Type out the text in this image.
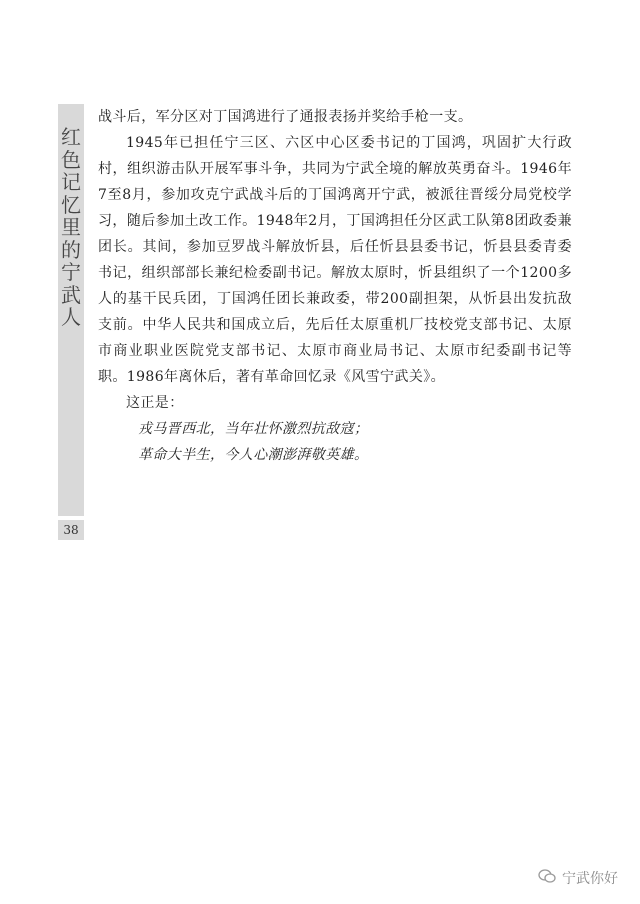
红
色
记
忆
里
的
宁
武
人
38

战斗后，军分区对丁国鸿进行了通报表扬并奖给手枪一支。

1945年已担任宁三区、六区中心区委书记的丁国鸿，巩固扩大行政村，组织游击队开展军事斗争，共同为宁武全境的解放英勇奋斗。1946年7至8月，参加攻克宁武战斗后的丁国鸿离开宁武，被派往晋绥分局党校学习，随后参加土改工作。1948年2月，丁国鸿担任分区武工队第8团政委兼团长。其间，参加豆罗战斗解放忻县，后任忻县县委书记，忻县县委青委书记，组织部部长兼纪检委副书记。解放太原时，忻县组织了一个1200多人的基干民兵团，丁国鸿任团长兼政委，带200副担架，从忻县出发抗敌支前。中华人民共和国成立后，先后任太原重机厂技校党支部书记、太原市商业职业医院党支部书记、太原市商业局书记、太原市纪委副书记等职。1986年离休后，著有革命回忆录《风雪宁武关》。

这正是：

戎马晋西北，当年壮怀激烈抗敌寇；

革命大半生，今人心潮澎湃敬英雄。

宁武你好
